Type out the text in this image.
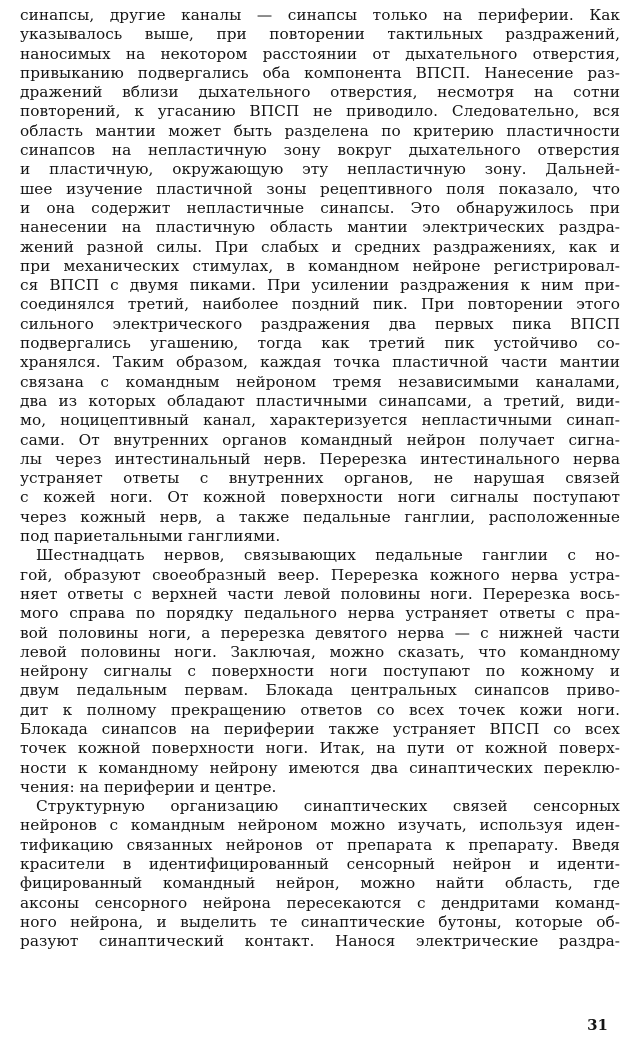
синапсы, другие каналы — синапсы только на периферии. Как
указывалось выше, при повторении тактильных раздражений,
наносимых на некотором расстоянии от дыхательного отверстия,
привыканию подвергались оба компонента ВПСП. Нанесение раз-
дражений вблизи дыхательного отверстия, несмотря на сотни
повторений, к угасанию ВПСП не приводило. Следовательно, вся
область мантии может быть разделена по критерию пластичности
синапсов на непластичную зону вокруг дыхательного отверстия
и пластичную, окружающую эту непластичную зону. Дальней-
шее изучение пластичной зоны рецептивного поля показало, что
и она содержит непластичные синапсы. Это обнаружилось при
нанесении на пластичную область мантии электрических раздра-
жений разной силы. При слабых и средних раздражениях, как и
при механических стимулах, в командном нейроне регистрировал-
ся ВПСП с двумя пиками. При усилении раздражения к ним при-
соединялся третий, наиболее поздний пик. При повторении этого
сильного электрического раздражения два первых пика ВПСП
подвергались угашению, тогда как третий пик устойчиво со-
хранялся. Таким образом, каждая точка пластичной части мантии
связана с командным нейроном тремя независимыми каналами,
два из которых обладают пластичными синапсами, а третий, види-
мо, ноцицептивный канал, характеризуется непластичными синап-
сами. От внутренних органов командный нейрон получает сигна-
лы через интестинальный нерв. Перерезка интестинального нерва
устраняет ответы с внутренних органов, не нарушая связей
с кожей ноги. От кожной поверхности ноги сигналы поступают
через кожный нерв, а также педальные ганглии, расположенные
под париетальными ганглиями.
Шестнадцать нервов, связывающих педальные ганглии с но-
гой, образуют своеобразный веер. Перерезка кожного нерва устра-
няет ответы с верхней части левой половины ноги. Перерезка вось-
мого справа по порядку педального нерва устраняет ответы с пра-
вой половины ноги, а перерезка девятого нерва — с нижней части
левой половины ноги. Заключая, можно сказать, что командному
нейрону сигналы с поверхности ноги поступают по кожному и
двум педальным первам. Блокада центральных синапсов приво-
дит к полному прекращению ответов со всех точек кожи ноги.
Блокада синапсов на периферии также устраняет ВПСП со всех
точек кожной поверхности ноги. Итак, на пути от кожной поверх-
ности к командному нейрону имеются два синаптических переклю-
чения: на периферии и центре.
Структурную организацию синаптических связей сенсорных
нейронов с командным нейроном можно изучать, используя иден-
тификацию связанных нейронов от препарата к препарату. Введя
красители в идентифицированный сенсорный нейрон и иденти-
фицированный командный нейрон, можно найти область, где
аксоны сенсорного нейрона пересекаются с дендритами команд-
ного нейрона, и выделить те синаптические бутоны, которые об-
разуют синаптический контакт. Нанося электрические раздра-
31
